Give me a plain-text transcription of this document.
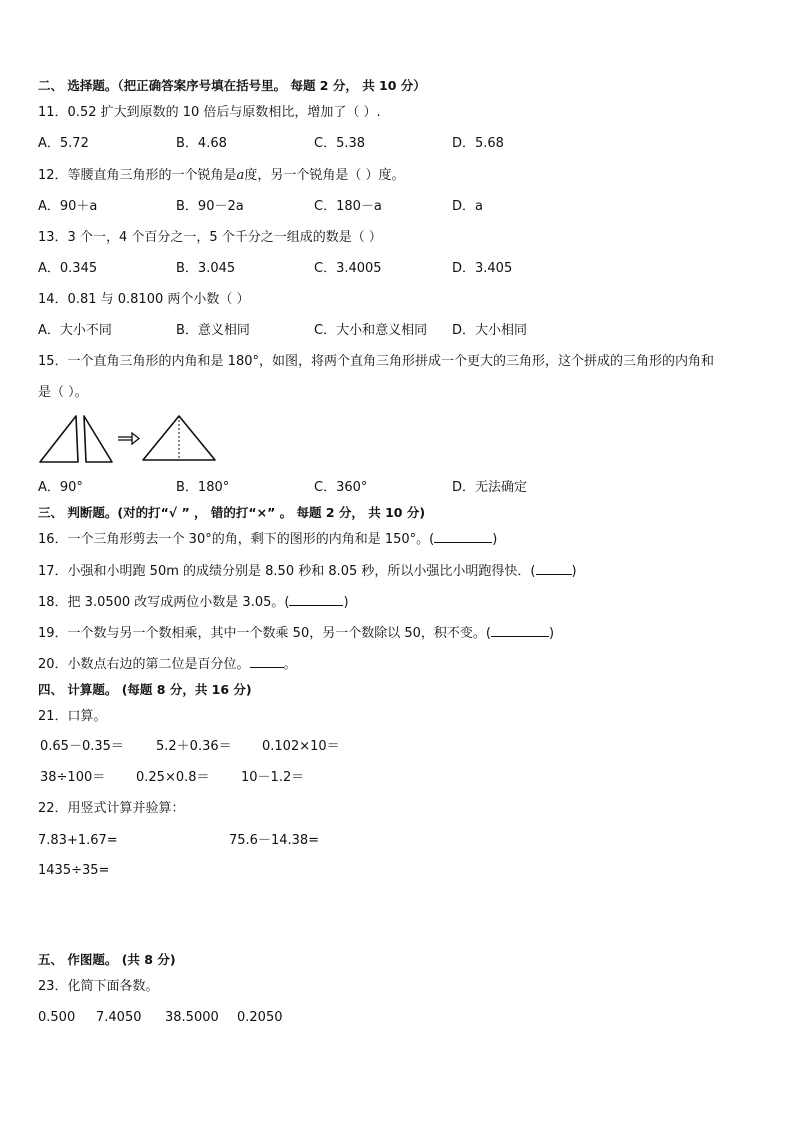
二、 选择题。（把正确答案序号填在括号里。 每题 2 分， 共 10 分）
11．0.52 扩大到原数的 10 倍后与原数相比，增加了（ ）.
A．5.72	B．4.68	C．5.38	D．5.68
12．等腰直角三角形的一个锐角是a度，另一个锐角是（ ）度。
A．90＋a	B．90－2a	C．180－a	D．a
13．3 个一，4 个百分之一，5 个千分之一组成的数是（ ）
A．0.345	B．3.045	C．3.4005	D．3.405
14．0.81 与 0.8100 两个小数（ ）
A．大小不同	B．意义相同	C．大小和意义相同 D．大小相同
15．一个直角三角形的内角和是 180°，如图，将两个直角三角形拼成一个更大的三角形，这个拼成的三角形的内角和
是（ ）。
A．90°	B．180°	C．360°	D．无法确定
三、 判断题。(对的打“√ ” ， 错的打“×” 。 每题 2 分， 共 10 分)
16．一个三角形剪去一个 30°的角，剩下的图形的内角和是 150°。(	)
17．小强和小明跑 50m 的成绩分别是 8.50 秒和 8.05 秒，所以小强比小明跑得快．(	)
18．把 3.0500 改写成两位小数是 3.05。(	)
19．一个数与另一个数相乘，其中一个数乘 50，另一个数除以 50，积不变。(	)
20．小数点右边的第二位是百分位。	。
四、 计算题。 (每题 8 分，共 16 分)
21．口算。
0.65－0.35＝ 5.2＋0.36＝ 0.102×10＝
38÷100＝ 0.25×0.8＝ 10－1.2＝
22．用竖式计算并验算：
7.83+1.67=	75.6－14.38=
1435÷35=
五、 作图题。 (共 8 分)
23．化简下面各数。
0.500 7.4050 38.5000 0.2050
